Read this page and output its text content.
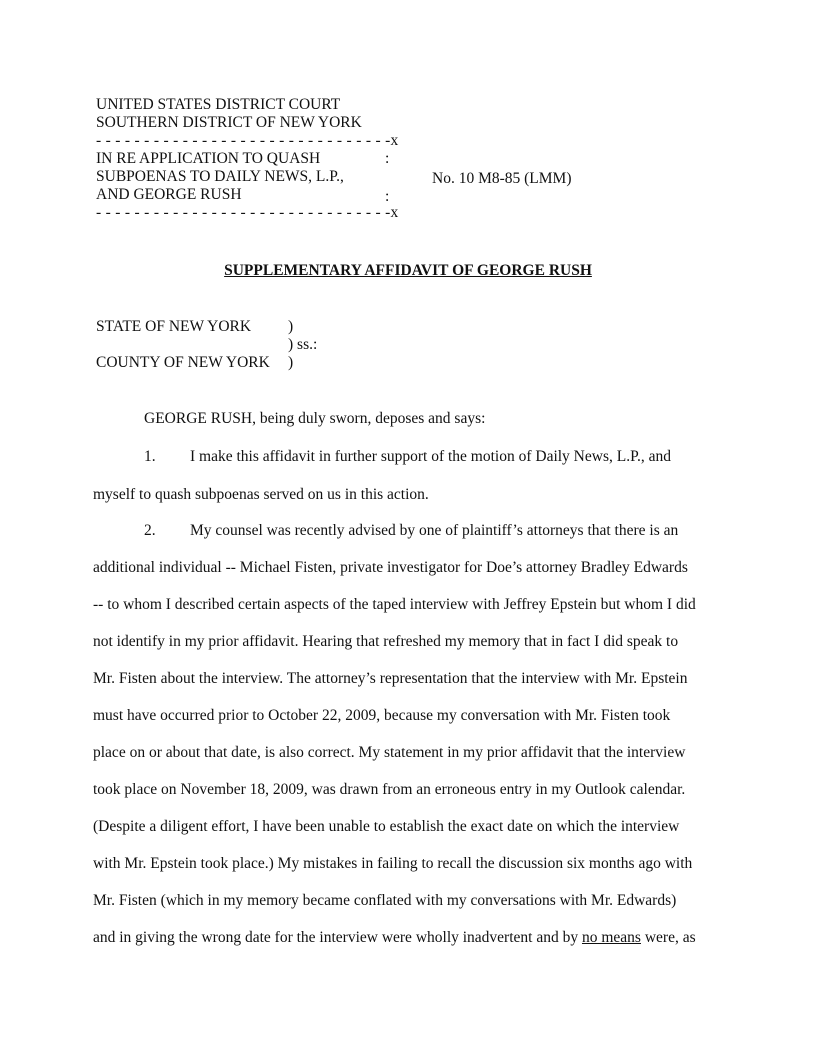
UNITED STATES DISTRICT COURT
SOUTHERN DISTRICT OF NEW YORK
- - - - - - - - - - - - - - - - - - - - - - - - - - - - - - -x
IN RE APPLICATION TO QUASH	:
SUBPOENAS TO DAILY NEWS, L.P.,	No. 10 M8-85 (LMM)
AND GEORGE RUSH	:
- - - - - - - - - - - - - - - - - - - - - - - - - - - - - - -x
SUPPLEMENTARY AFFIDAVIT OF GEORGE RUSH
STATE OF NEW YORK )
) ss.:
COUNTY OF NEW YORK )
GEORGE RUSH, being duly sworn, deposes and says:
1. I make this affidavit in further support of the motion of Daily News, L.P., and
myself to quash subpoenas served on us in this action.
2. My counsel was recently advised by one of plaintiff’s attorneys that there is an
additional individual -- Michael Fisten, private investigator for Doe’s attorney Bradley Edwards
-- to whom I described certain aspects of the taped interview with Jeffrey Epstein but whom I did
not identify in my prior affidavit. Hearing that refreshed my memory that in fact I did speak to
Mr. Fisten about the interview. The attorney’s representation that the interview with Mr. Epstein
must have occurred prior to October 22, 2009, because my conversation with Mr. Fisten took
place on or about that date, is also correct. My statement in my prior affidavit that the interview
took place on November 18, 2009, was drawn from an erroneous entry in my Outlook calendar.
(Despite a diligent effort, I have been unable to establish the exact date on which the interview
with Mr. Epstein took place.) My mistakes in failing to recall the discussion six months ago with
Mr. Fisten (which in my memory became conflated with my conversations with Mr. Edwards)
and in giving the wrong date for the interview were wholly inadvertent and by no means were, as
